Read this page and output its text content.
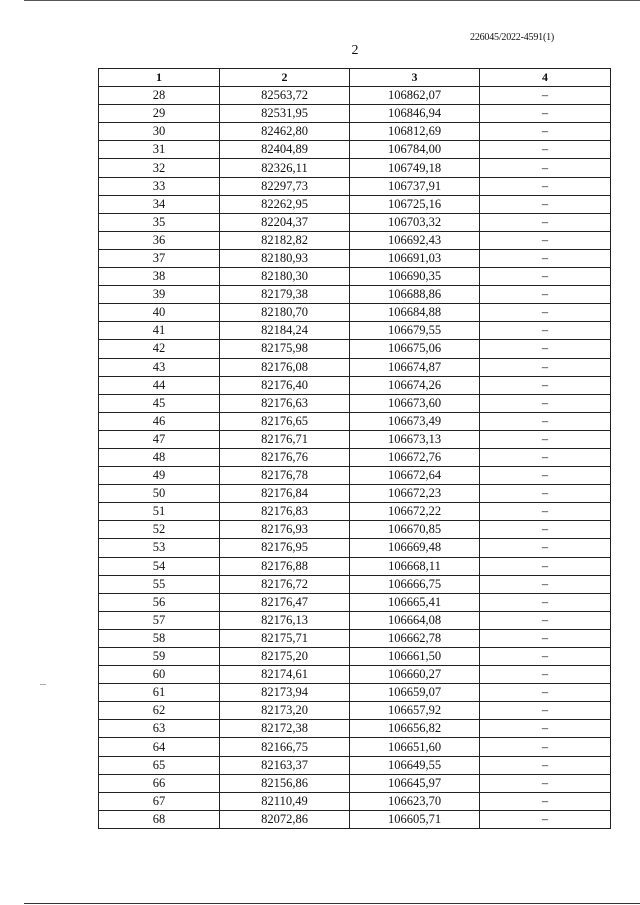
226045/2022-4591(1)
2
1	2	3	4
28	82563,72	106862,07	–
29	82531,95	106846,94	–
30	82462,80	106812,69	–
31	82404,89	106784,00	–
32	82326,11	106749,18	–
33	82297,73	106737,91	–
34	82262,95	106725,16	–
35	82204,37	106703,32	–
36	82182,82	106692,43	–
37	82180,93	106691,03	–
38	82180,30	106690,35	–
39	82179,38	106688,86	–
40	82180,70	106684,88	–
41	82184,24	106679,55	–
42	82175,98	106675,06	–
43	82176,08	106674,87	–
44	82176,40	106674,26	–
45	82176,63	106673,60	–
46	82176,65	106673,49	–
47	82176,71	106673,13	–
48	82176,76	106672,76	–
49	82176,78	106672,64	–
50	82176,84	106672,23	–
51	82176,83	106672,22	–
52	82176,93	106670,85	–
53	82176,95	106669,48	–
54	82176,88	106668,11	–
55	82176,72	106666,75	–
56	82176,47	106665,41	–
57	82176,13	106664,08	–
58	82175,71	106662,78	–
59	82175,20	106661,50	–
60	82174,61	106660,27	–
61	82173,94	106659,07	–
62	82173,20	106657,92	–
63	82172,38	106656,82	–
64	82166,75	106651,60	–
65	82163,37	106649,55	–
66	82156,86	106645,97	–
67	82110,49	106623,70	–
68	82072,86	106605,71	–
